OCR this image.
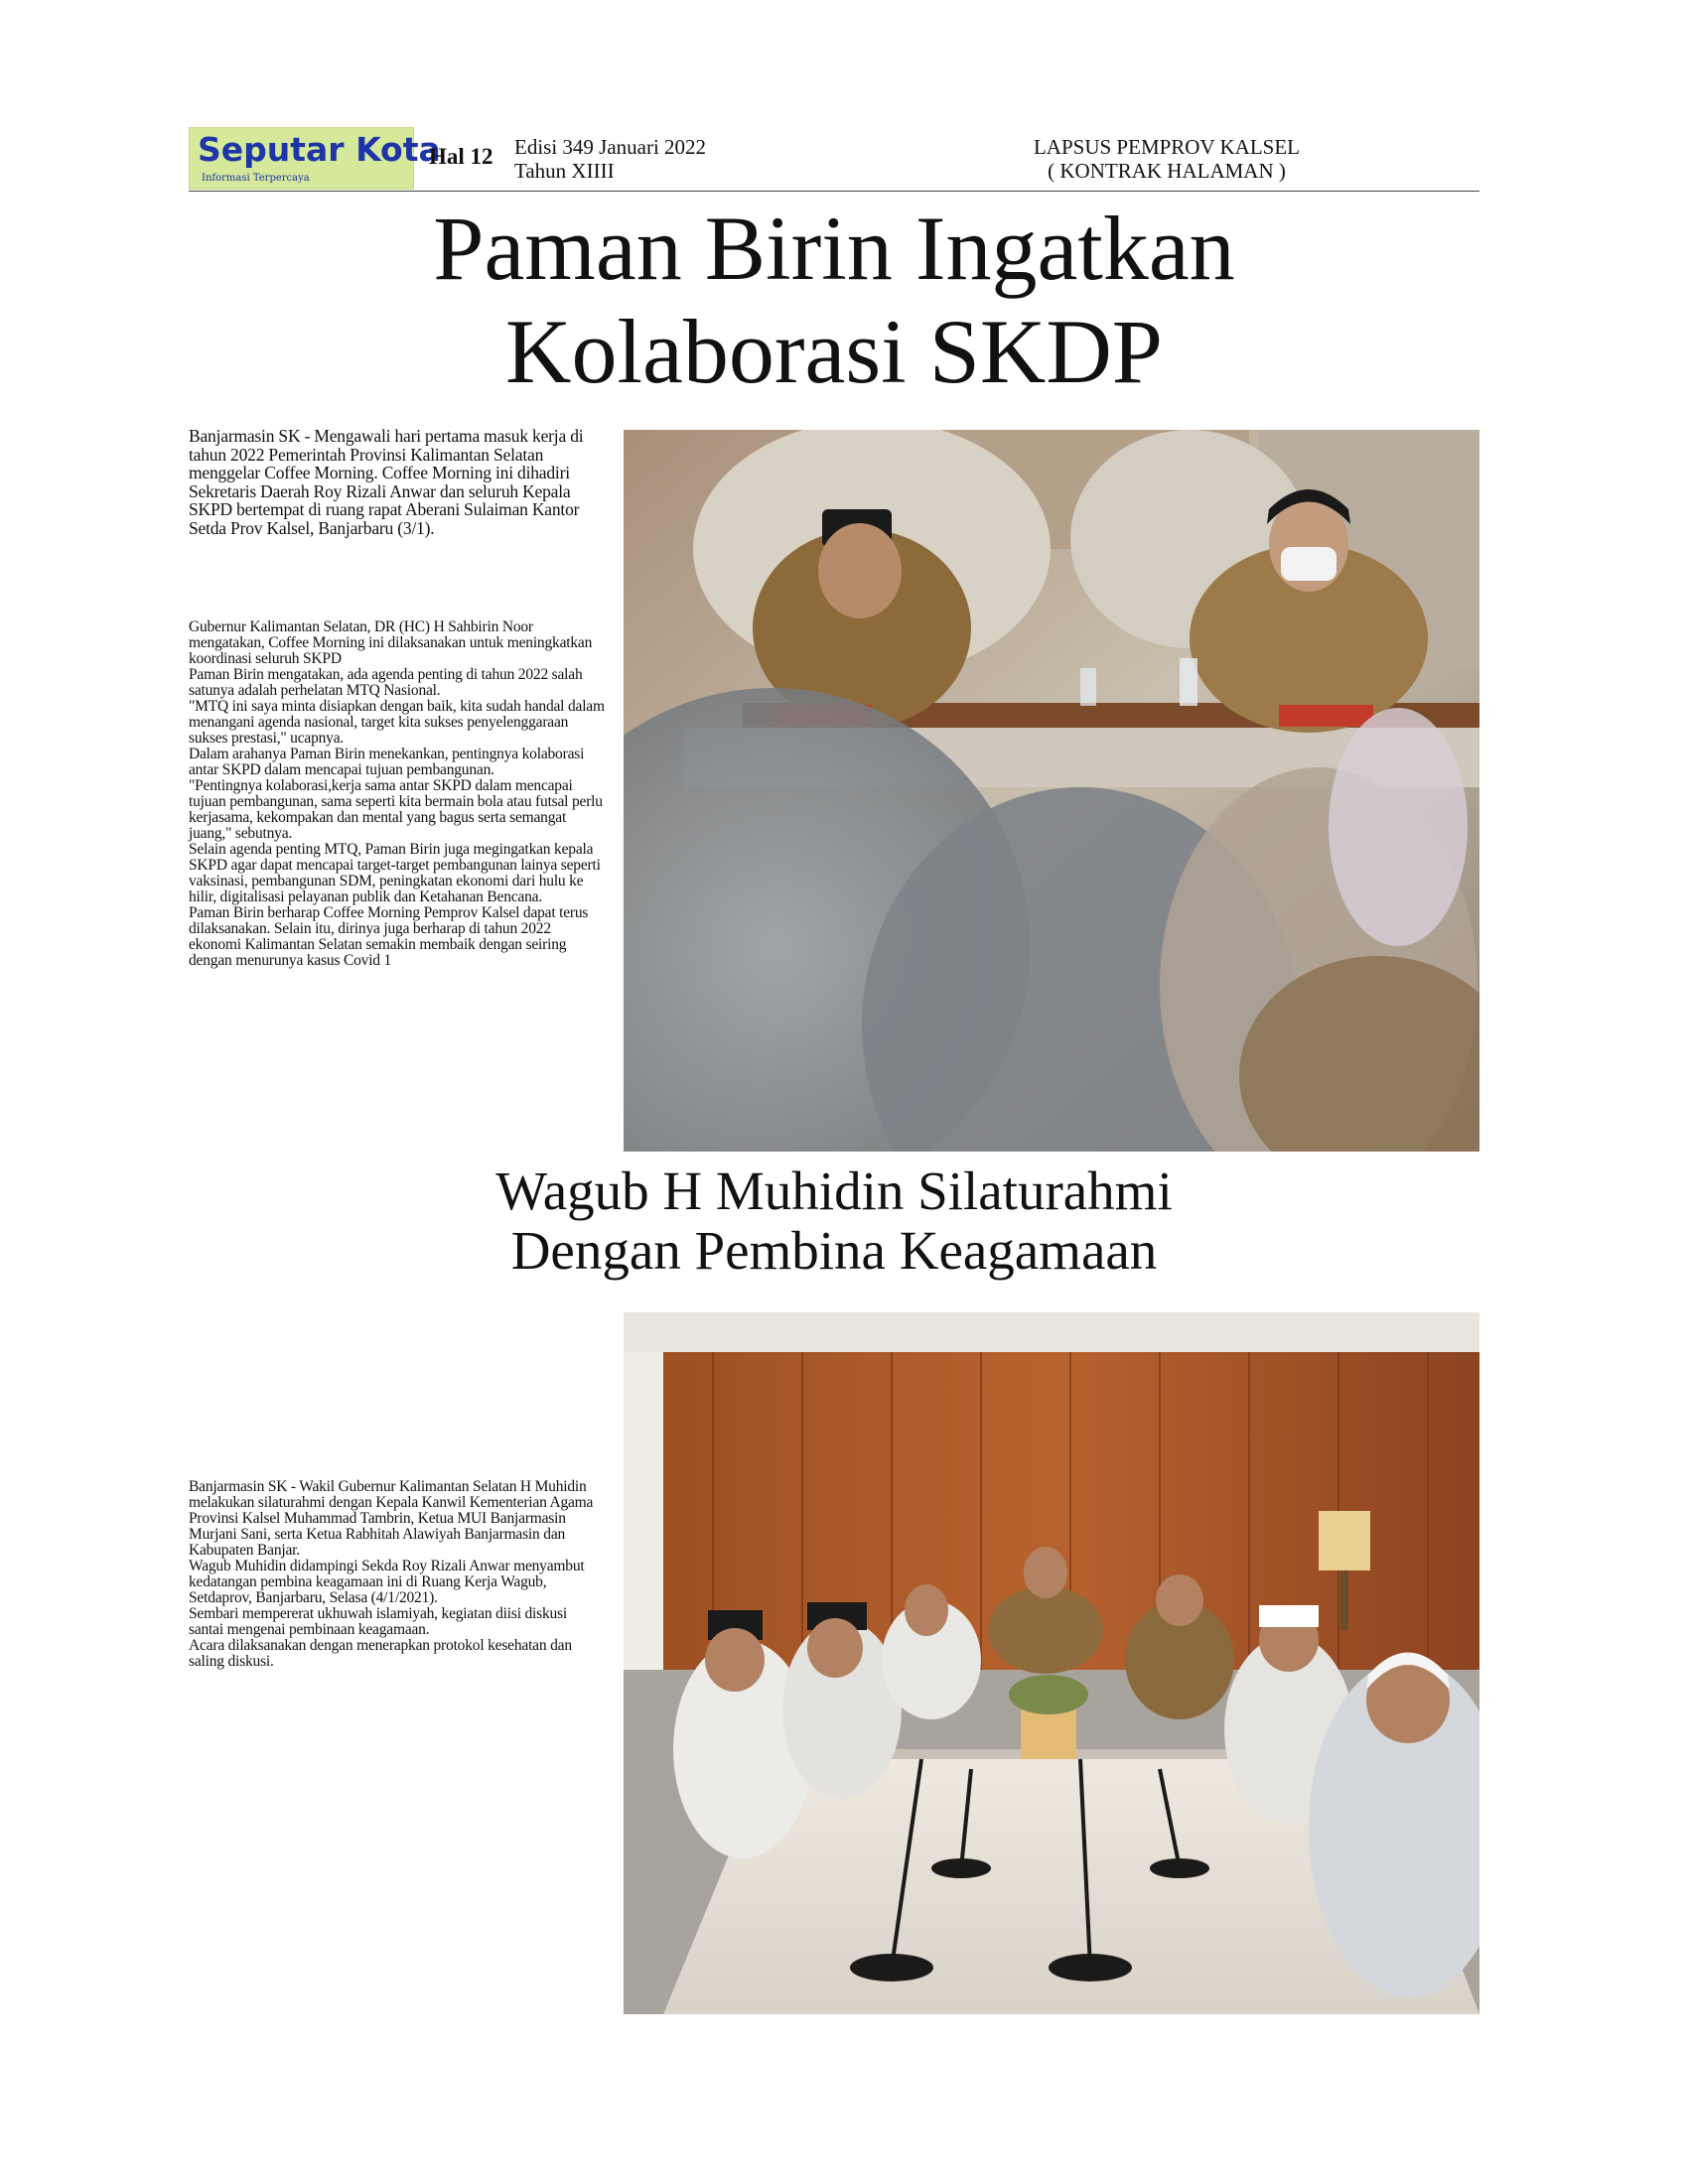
Seputar Kota
Informasi Terpercaya
Hal 12 Edisi 349 Januari 2022
Tahun XIIII
LAPSUS PEMPROV KALSEL
( KONTRAK HALAMAN )
Paman Birin Ingatkan
Kolaborasi SKDP
Banjarmasin SK - Mengawali hari pertama masuk kerja di tahun 2022 Pemerintah Provinsi Kalimantan Selatan menggelar Coffee Morning. Coffee Morning ini dihadiri Sekretaris Daerah Roy Rizali Anwar dan seluruh Kepala SKPD bertempat di ruang rapat Aberani Sulaiman Kantor Setda Prov Kalsel, Banjarbaru (3/1).

Gubernur Kalimantan Selatan, DR (HC) H Sahbirin Noor mengatakan, Coffee Morning ini dilaksanakan untuk meningkatkan koordinasi seluruh SKPD

Paman Birin mengatakan, ada agenda penting di tahun 2022 salah satunya adalah perhelatan MTQ Nasional.

"MTQ ini saya minta disiapkan dengan baik, kita sudah handal dalam menangani agenda nasional, target kita sukses penyelenggaraan sukses prestasi," ucapnya.

Dalam arahanya Paman Birin menekankan, pentingnya kolaborasi antar SKPD dalam mencapai tujuan pembangunan.

"Pentingnya kolaborasi,kerja sama antar SKPD dalam mencapai tujuan pembangunan, sama seperti kita bermain bola atau futsal perlu kerjasama, kekompakan dan mental yang bagus serta semangat juang," sebutnya.

Selain agenda penting MTQ, Paman Birin juga megingatkan kepala SKPD agar dapat mencapai target-target pembangunan lainya seperti vaksinasi, pembangunan SDM, peningkatan ekonomi dari hulu ke hilir, digitalisasi pelayanan publik dan Ketahanan Bencana.

Paman Birin berharap Coffee Morning Pemprov Kalsel dapat terus dilaksanakan. Selain itu, dirinya juga berharap di tahun 2022 ekonomi Kalimantan Selatan semakin membaik dengan seiring dengan menurunya kasus Covid 1

Wagub H Muhidin Silaturahmi
Dengan Pembina Keagamaan

Banjarmasin SK - Wakil Gubernur Kalimantan Selatan H Muhidin melakukan silaturahmi dengan Kepala Kanwil Kementerian Agama Provinsi Kalsel Muhammad Tambrin, Ketua MUI Banjarmasin Murjani Sani, serta Ketua Rabhitah Alawiyah Banjarmasin dan Kabupaten Banjar.

Wagub Muhidin didampingi Sekda Roy Rizali Anwar menyambut kedatangan pembina keagamaan ini di Ruang Kerja Wagub, Setdaprov, Banjarbaru, Selasa (4/1/2021).

Sembari mempererat ukhuwah islamiyah, kegiatan diisi diskusi santai mengenai pembinaan keagamaan.

Acara dilaksanakan dengan menerapkan protokol kesehatan dan saling diskusi.
